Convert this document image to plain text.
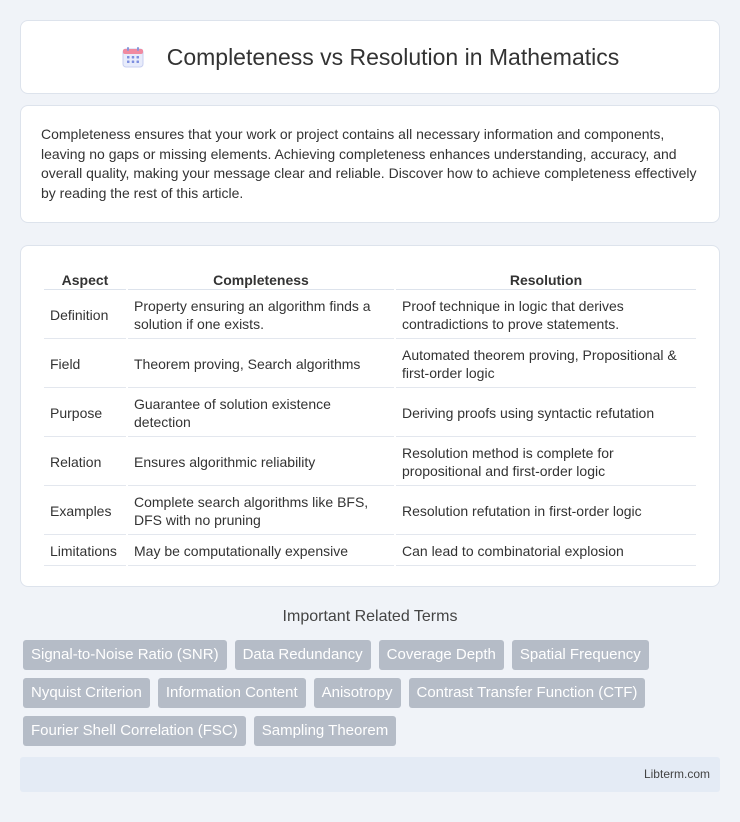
Completeness vs Resolution in Mathematics

Completeness ensures that your work or project contains all necessary information and components, leaving no gaps or missing elements. Achieving completeness enhances understanding, accuracy, and overall quality, making your message clear and reliable. Discover how to achieve completeness effectively by reading the rest of this article.

Aspect	Completeness	Resolution
Definition	Property ensuring an algorithm finds a solution if one exists.	Proof technique in logic that derives contradictions to prove statements.
Field	Theorem proving, Search algorithms	Automated theorem proving, Propositional & first-order logic
Purpose	Guarantee of solution existence detection	Deriving proofs using syntactic refutation
Relation	Ensures algorithmic reliability	Resolution method is complete for propositional and first-order logic
Examples	Complete search algorithms like BFS, DFS with no pruning	Resolution refutation in first-order logic
Limitations	May be computationally expensive	Can lead to combinatorial explosion
Important Related Terms
Signal-to-Noise Ratio (SNR)	Data Redundancy	Coverage Depth	Spatial Frequency
Nyquist Criterion	Information Content	Anisotropy	Contrast Transfer Function (CTF)
Fourier Shell Correlation (FSC)	Sampling Theorem
Libterm.com
